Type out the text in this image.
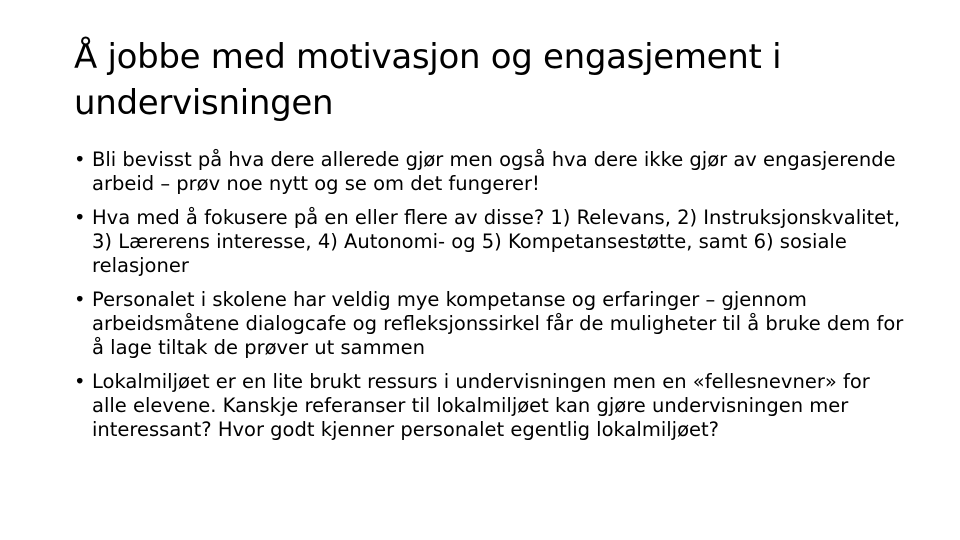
Å jobbe med motivasjon og engasjement i undervisningen
• Bli bevisst på hva dere allerede gjør men også hva dere ikke gjør av engasjerende arbeid – prøv noe nytt og se om det fungerer!
• Hva med å fokusere på en eller flere av disse? 1) Relevans, 2) Instruksjonskvalitet, 3) Lærerens interesse, 4) Autonomi- og 5) Kompetansestøtte, samt 6) sosiale relasjoner
• Personalet i skolene har veldig mye kompetanse og erfaringer – gjennom arbeidsmåtene dialogcafe og refleksjonssirkel får de muligheter til å bruke dem for å lage tiltak de prøver ut sammen
• Lokalmiljøet er en lite brukt ressurs i undervisningen men en «fellesnevner» for alle elevene. Kanskje referanser til lokalmiljøet kan gjøre undervisningen mer interessant? Hvor godt kjenner personalet egentlig lokalmiljøet?
